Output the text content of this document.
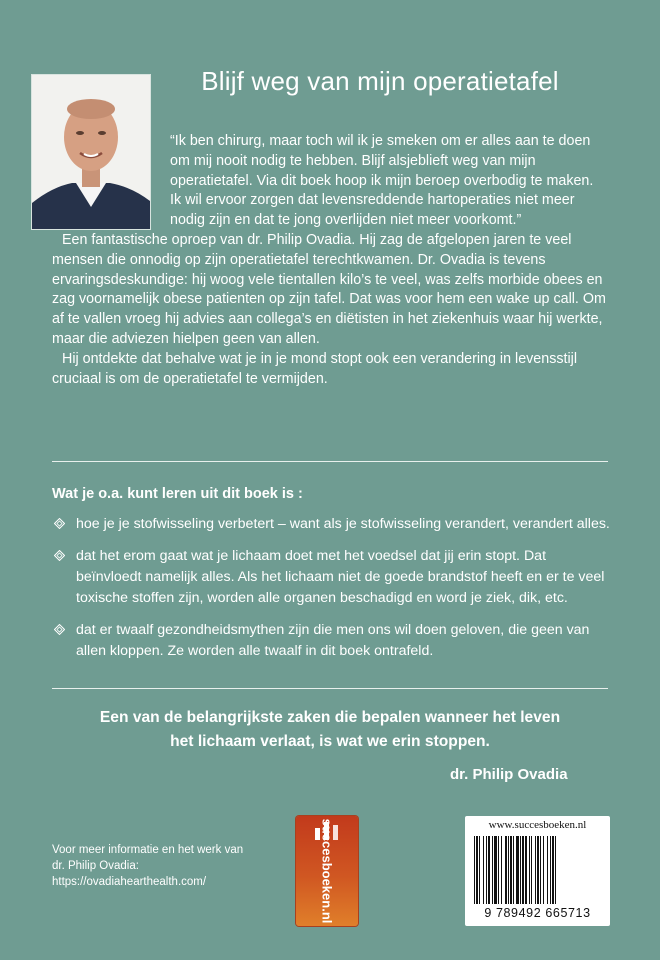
Blijf weg van mijn operatietafel

“Ik ben chirurg, maar toch wil ik je smeken om er alles aan te doen om mij nooit nodig te hebben. Blijf alsjeblieft weg van mijn operatietafel. Via dit boek hoop ik mijn beroep overbodig te maken. Ik wil ervoor zorgen dat levensreddende hartoperaties niet meer nodig zijn en dat te jong overlijden niet meer voorkomt.”

Een fantastische oproep van dr. Philip Ovadia. Hij zag de afgelopen jaren te veel mensen die onnodig op zijn operatietafel terechtkwamen. Dr. Ovadia is tevens ervaringsdeskundige: hij woog vele tientallen kilo’s te veel, was zelfs morbide obees en zag voornamelijk obese patienten op zijn tafel. Dat was voor hem een wake up call. Om af te vallen vroeg hij advies aan collega’s en diëtisten in het ziekenhuis waar hij werkte, maar die adviezen hielpen geen van allen.

Hij ontdekte dat behalve wat je in je mond stopt ook een verandering in levensstijl cruciaal is om de operatietafel te vermijden.

Wat je o.a. kunt leren uit dit boek is :
hoe je je stofwisseling verbetert – want als je stofwisseling verandert, verandert alles.
dat het erom gaat wat je lichaam doet met het voedsel dat jij erin stopt. Dat beïnvloedt namelijk alles. Als het lichaam niet de goede brandstof heeft en er te veel toxische stoffen zijn, worden alle organen beschadigd en word je ziek, dik, etc.
dat er twaalf gezondheidsmythen zijn die men ons wil doen geloven, die geen van allen kloppen. Ze worden alle twaalf in dit boek ontrafeld.
Een van de belangrijkste zaken die bepalen wanneer het leven
het lichaam verlaat, is wat we erin stoppen.
dr. Philip Ovadia
Voor meer informatie en het werk van
dr. Philip Ovadia:
https://ovadiahearthealth.com/	succesboeken.nl	www.succesboeken.nl
9 789492 665713
